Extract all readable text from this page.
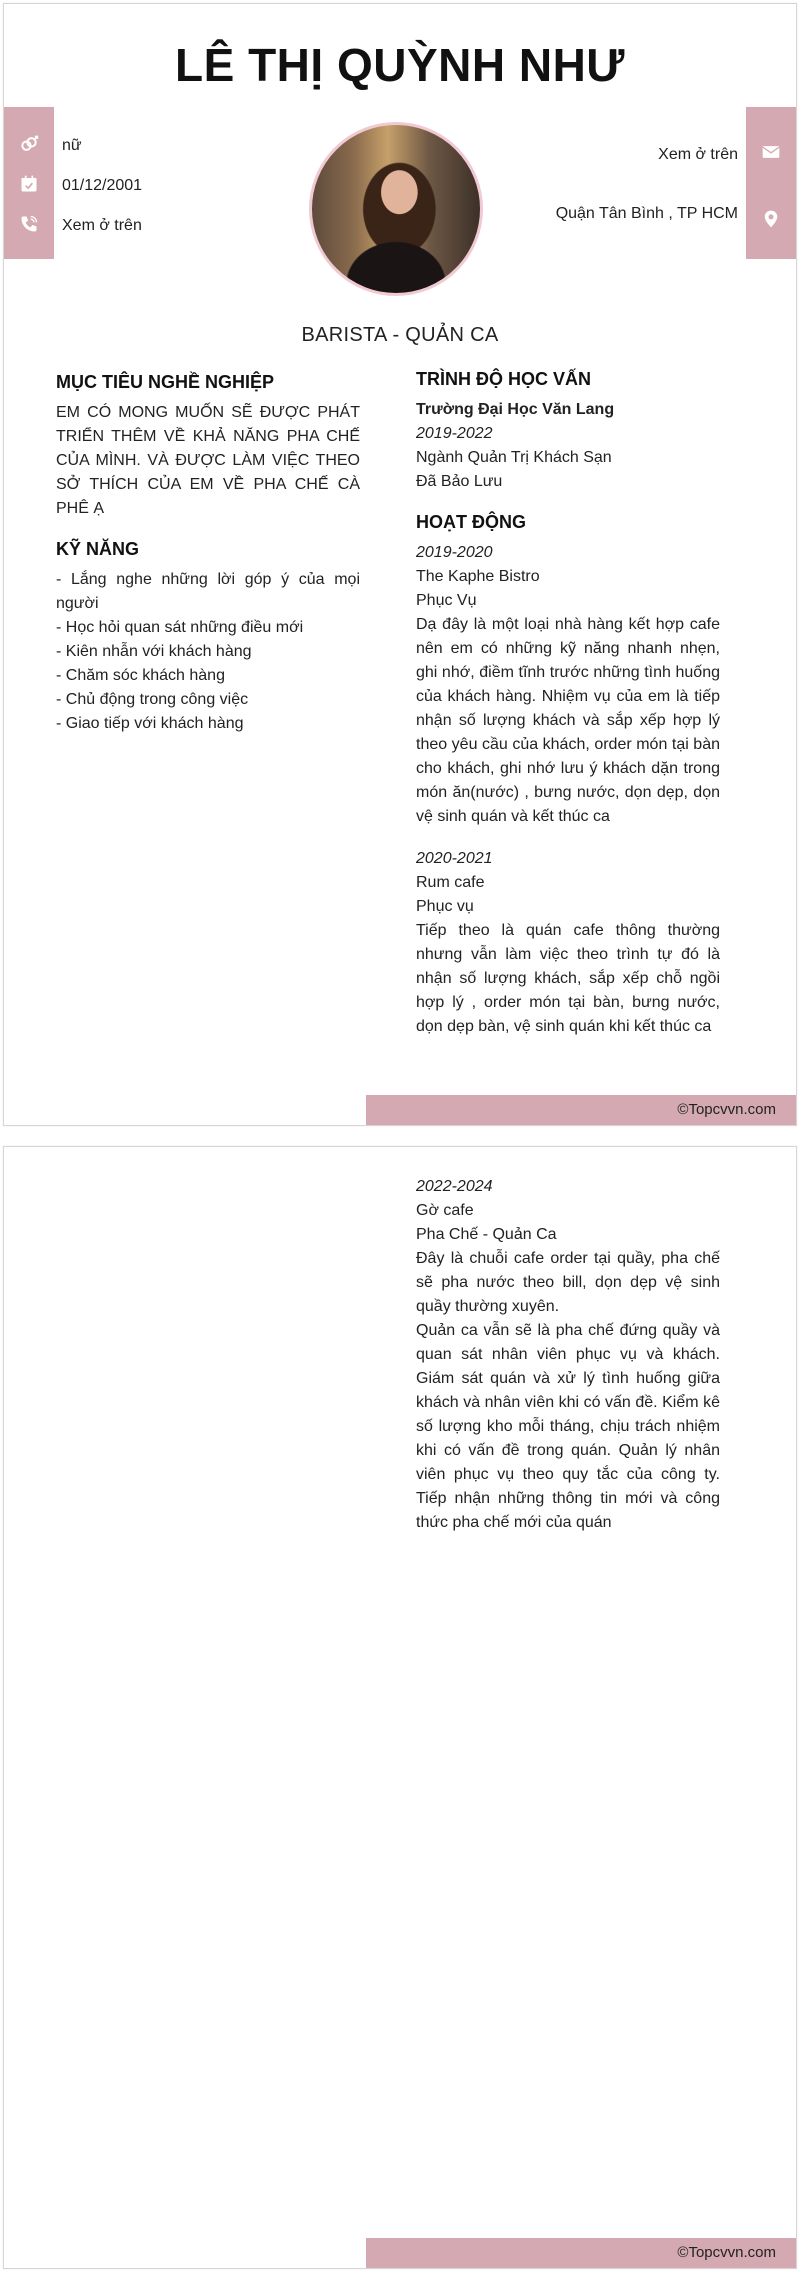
LÊ THỊ QUỲNH NHƯ
nữ
01/12/2001
Xem ở trên
Xem ở trên
Quận Tân Bình , TP HCM
BARISTA - QUẢN CA
MỤC TIÊU NGHỀ NGHIỆP

EM CÓ MONG MUỐN SẼ ĐƯỢC PHÁT TRIỂN THÊM VỀ KHẢ NĂNG PHA CHẾ CỦA MÌNH. VÀ ĐƯỢC LÀM VIỆC THEO SỞ THÍCH CỦA EM VỀ PHA CHẾ CÀ PHÊ Ạ

KỸ NĂNG

- Lắng nghe những lời góp ý của mọi người

- Học hỏi quan sát những điều mới

- Kiên nhẫn với khách hàng

- Chăm sóc khách hàng

- Chủ động trong công việc

- Giao tiếp với khách hàng

TRÌNH ĐỘ HỌC VẤN

Trường Đại Học Văn Lang

2019-2022

Ngành Quản Trị Khách Sạn

Đã Bảo Lưu

HOẠT ĐỘNG

2019-2020

The Kaphe Bistro

Phục Vụ

Dạ đây là một loại nhà hàng kết hợp cafe nên em có những kỹ năng nhanh nhẹn, ghi nhớ, điềm tĩnh trước những tình huống của khách hàng. Nhiệm vụ của em là tiếp nhận số lượng khách và sắp xếp hợp lý theo yêu cầu của khách, order món tại bàn cho khách, ghi nhớ lưu ý khách dặn trong món ăn(nước) , bưng nước, dọn dẹp, dọn vệ sinh quán và kết thúc ca

2020-2021

Rum cafe

Phục vụ

Tiếp theo là quán cafe thông thường nhưng vẫn làm việc theo trình tự đó là nhận số lượng khách, sắp xếp chỗ ngồi hợp lý , order món tại bàn, bưng nước, dọn dẹp bàn, vệ sinh quán khi kết thúc ca

©Topcvvn.com

2022-2024

Gờ cafe

Pha Chế - Quản Ca

Đây là chuỗi cafe order tại quầy, pha chế sẽ pha nước theo bill, dọn dẹp vệ sinh quầy thường xuyên.

Quản ca vẫn sẽ là pha chế đứng quầy và quan sát nhân viên phục vụ và khách. Giám sát quán và xử lý tình huống giữa khách và nhân viên khi có vấn đề. Kiểm kê số lượng kho mỗi tháng, chịu trách nhiệm khi có vấn đề trong quán. Quản lý nhân viên phục vụ theo quy tắc của công ty. Tiếp nhận những thông tin mới và công thức pha chế mới của quán

©Topcvvn.com
